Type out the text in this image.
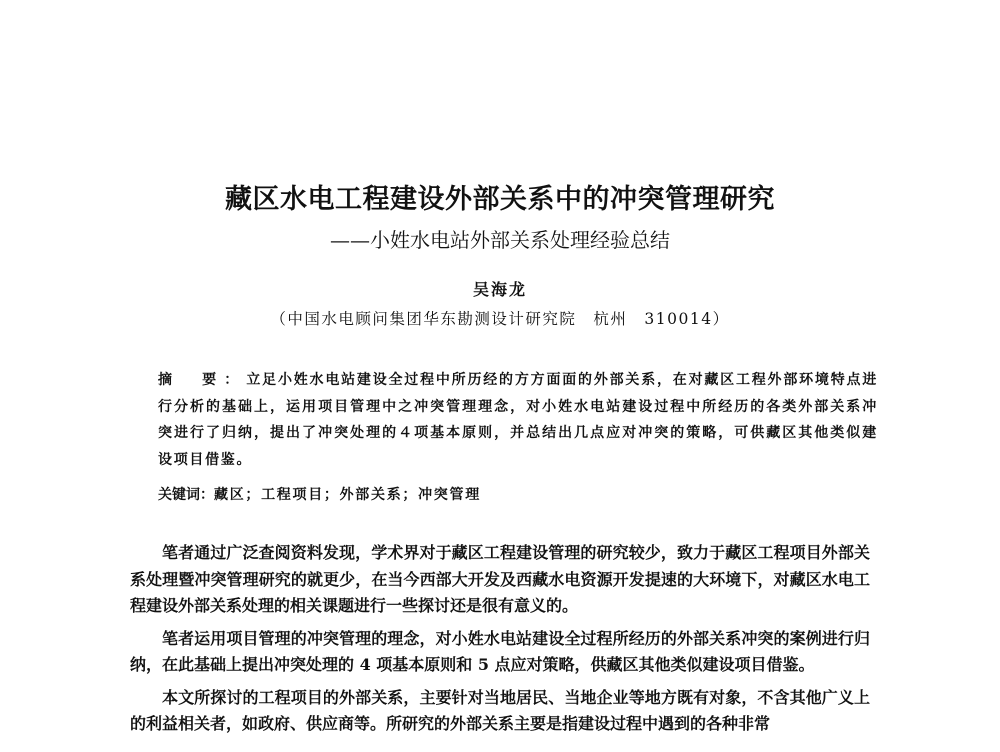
藏区水电工程建设外部关系中的冲突管理研究
——小姓水电站外部关系处理经验总结
吴海龙
（中国水电顾问集团华东勘测设计研究院　杭州　310014）
摘　要：立足小姓水电站建设全过程中所历经的方方面面的外部关系，在对藏区工程外部环境特点进行分析的基础上，运用项目管理中之冲突管理理念，对小姓水电站建设过程中所经历的各类外部关系冲突进行了归纳，提出了冲突处理的４项基本原则，并总结出几点应对冲突的策略，可供藏区其他类似建设项目借鉴。
关键词：藏区；工程项目；外部关系；冲突管理

笔者通过广泛查阅资料发现，学术界对于藏区工程建设管理的研究较少，致力于藏区工程项目外部关系处理暨冲突管理研究的就更少，在当今西部大开发及西藏水电资源开发提速的大环境下，对藏区水电工程建设外部关系处理的相关课题进行一些探讨还是很有意义的。

笔者运用项目管理的冲突管理的理念，对小姓水电站建设全过程所经历的外部关系冲突的案例进行归纳，在此基础上提出冲突处理的 4 项基本原则和 5 点应对策略，供藏区其他类似建设项目借鉴。

本文所探讨的工程项目的外部关系，主要针对当地居民、当地企业等地方既有对象，不含其他广义上的利益相关者，如政府、供应商等。所研究的外部关系主要是指建设过程中遇到的各种非常
